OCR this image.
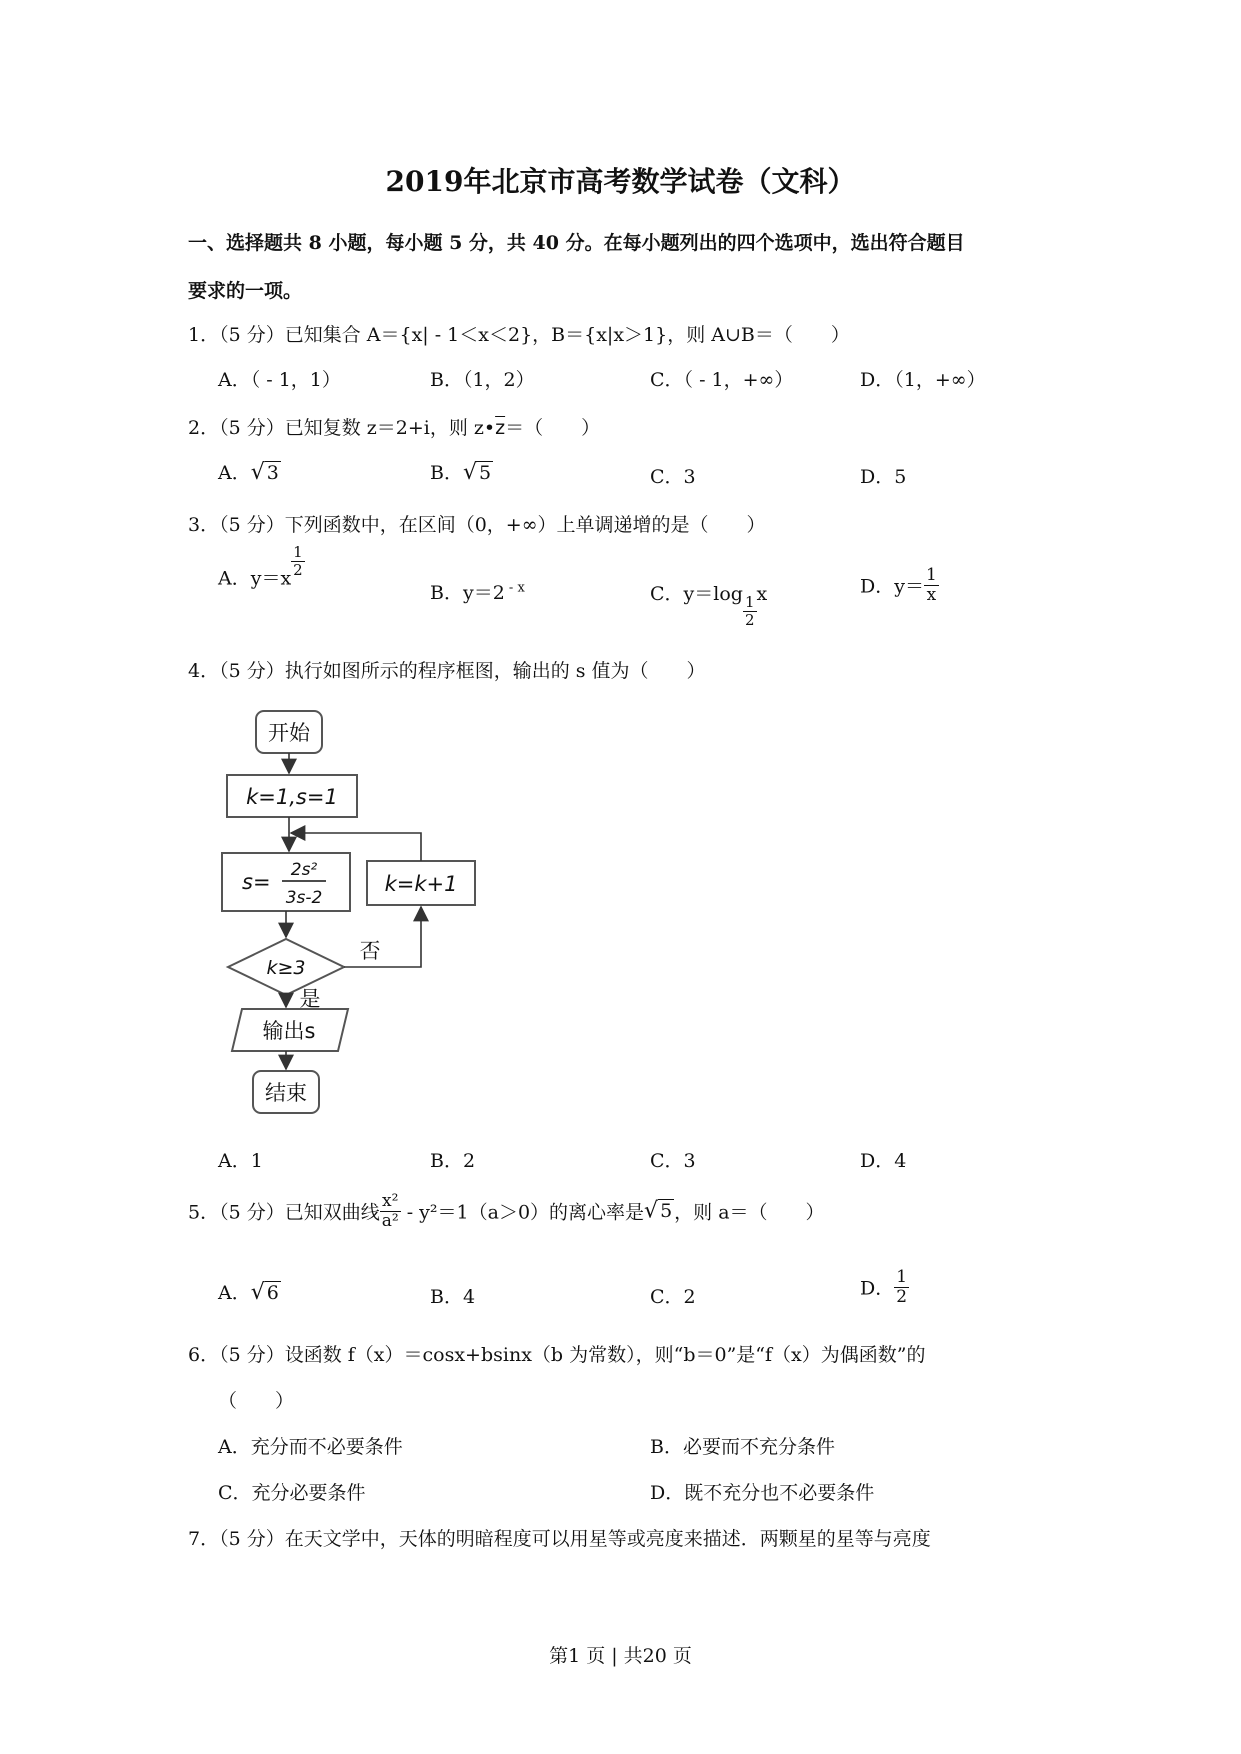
2019年北京市高考数学试卷（文科）
一、选择题共 8 小题，每小题 5 分，共 40 分。在每小题列出的四个选项中，选出符合题目
要求的一项。
1．（5 分）已知集合 A＝{x| - 1＜x＜2}，B＝{x|x＞1}，则 A∪B＝（　　）
A．（ - 1，1）	B．（1，2）	C．（ - 1，+∞）	D．（1，+∞）
2．（5 分）已知复数 z＝2+i，则 $z•\overline{z}=$（　　）
A．√ 3	B．√ 5	C．3	D．5
3．（5 分）下列函数中，在区间（0，+∞）上单调递增的是（　　）
A．y＝x
$\frac{1}{2}$
B．y＝2 $^{- x}$	C．$y=\log \frac{1}{2}$ x	D．$y= \frac{1}{x}$
4．（5 分）执行如图所示的程序框图，输出的 s 值为（　　）
开始
k=1,s=1
s= 2s²
3s-2
k=k+1
k≥3
否
是
输出s
结束
A．1	B．2	C．3	D．4
5．（5 分）已知双曲线 $\frac{\text{x²}}{\text{a²}} - y^2=1(a>0)$的离心率是√ 5 ，则 a＝（　　）
A．√ 6	B．4	C．2	D． $\frac{1}{2}$
6．（5 分）设函数 f（x）＝cosx+bsinx（b 为常数），则“b＝0”是“f（x）为偶函数”的
（　　）
A．充分而不必要条件	B．必要而不充分条件
C．充分必要条件	D．既不充分也不必要条件
7．（5 分）在天文学中，天体的明暗程度可以用星等或亮度来描述．两颗星的星等与亮度
第1 页 | 共20 页
